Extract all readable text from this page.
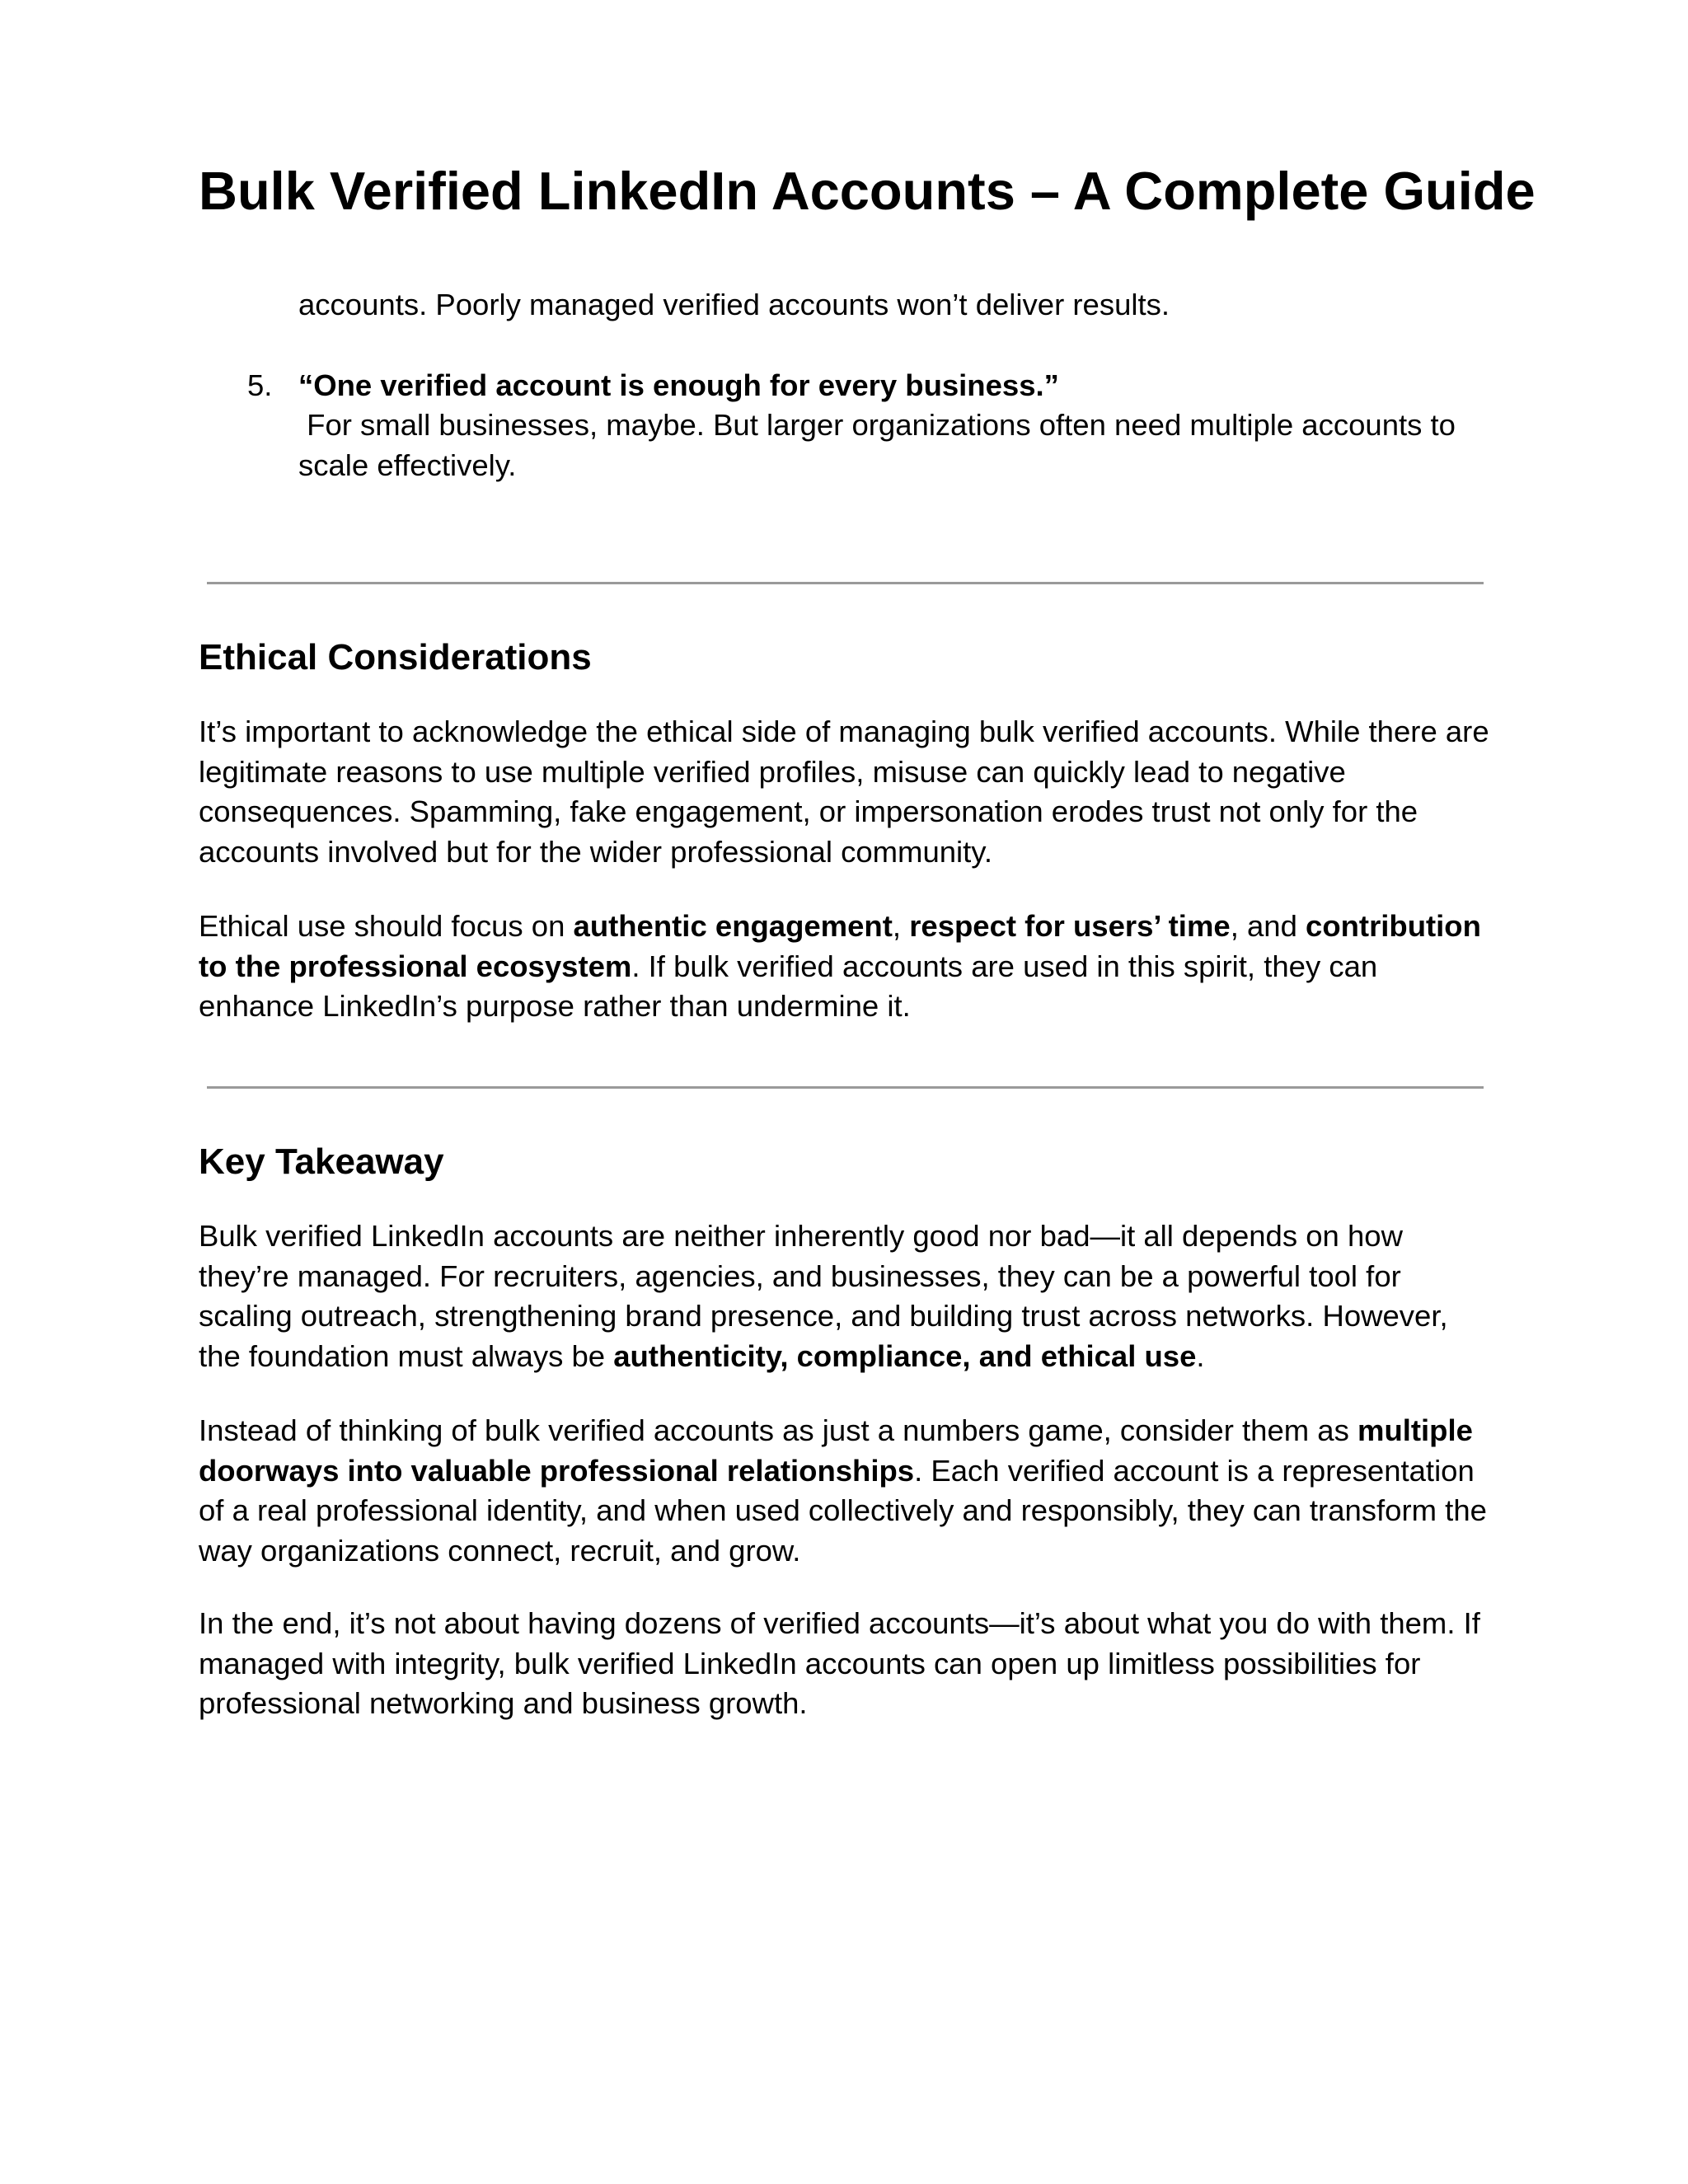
Bulk Verified LinkedIn Accounts – A Complete Guide

accounts. Poorly managed verified accounts won’t deliver results.

5. “One verified account is enough for every business.”

For small businesses, maybe. But larger organizations often need multiple accounts to scale effectively.

Ethical Considerations

It’s important to acknowledge the ethical side of managing bulk verified accounts. While there are legitimate reasons to use multiple verified profiles, misuse can quickly lead to negative consequences. Spamming, fake engagement, or impersonation erodes trust not only for the accounts involved but for the wider professional community.

Ethical use should focus on authentic engagement, respect for users’ time, and contribution to the professional ecosystem. If bulk verified accounts are used in this spirit, they can enhance LinkedIn’s purpose rather than undermine it.

Key Takeaway

Bulk verified LinkedIn accounts are neither inherently good nor bad—it all depends on how they’re managed. For recruiters, agencies, and businesses, they can be a powerful tool for scaling outreach, strengthening brand presence, and building trust across networks. However, the foundation must always be authenticity, compliance, and ethical use.

Instead of thinking of bulk verified accounts as just a numbers game, consider them as multiple doorways into valuable professional relationships. Each verified account is a representation of a real professional identity, and when used collectively and responsibly, they can transform the way organizations connect, recruit, and grow.

In the end, it’s not about having dozens of verified accounts—it’s about what you do with them. If managed with integrity, bulk verified LinkedIn accounts can open up limitless possibilities for professional networking and business growth.
